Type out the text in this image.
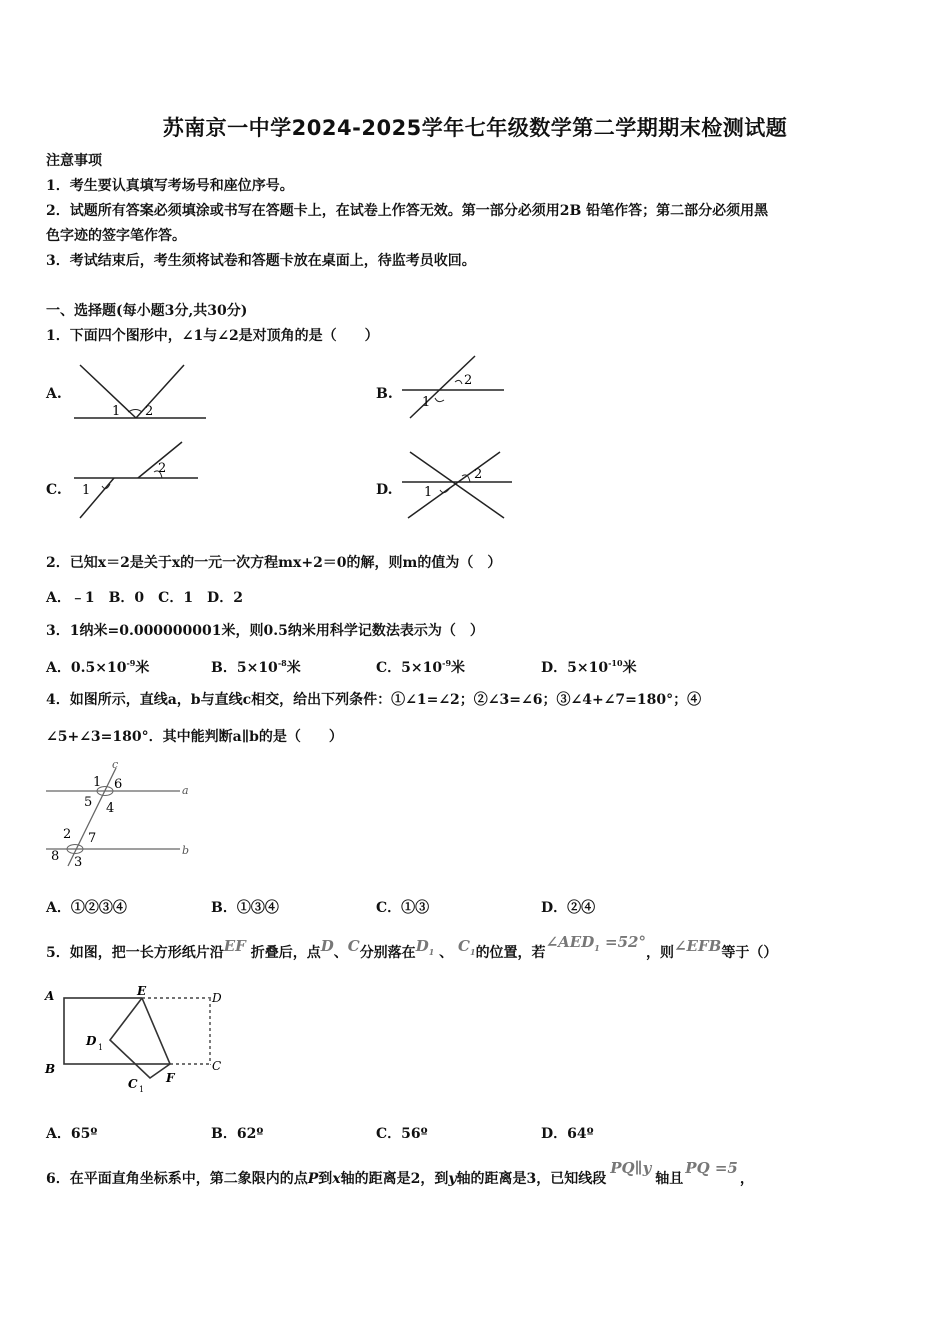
苏南京一中学2024-2025学年七年级数学第二学期期末检测试题
注意事项
1．考生要认真填写考场号和座位序号。
2．试题所有答案必须填涂或书写在答题卡上，在试卷上作答无效。第一部分必须用2B 铅笔作答；第二部分必须用黑
色字迹的签字笔作答。
3．考试结束后，考生须将试卷和答题卡放在桌面上，待监考员收回。
一、选择题(每小题3分,共30分)
1．下面四个图形中，∠1与∠2是对顶角的是（　　）
A.
1 2
B.
1
2
C. 1
2
D. 1
2
2．已知x＝2是关于x的一元一次方程mx+2＝0的解，则m的值为（　）
A．﹣1　B．0　C．1　D．2
3．1纳米=0.000000001米，则0.5纳米用科学记数法表示为（　）
A．$0.5\times 10^{-9}$米	B．$5\times 10^{-8}$米	C．$5\times 10^{-9}$米	D．$5\times 10^{-10}$米
4．如图所示，直线a，b与直线c相交，给出下列条件：①∠1=∠2；②∠3=∠6；③∠4+∠7=180°；④
∠5+∠3=180°．其中能判断a∥b的是（　　）
c
a
b
1 6
5 4
2 7
8 3
A．①②③④	B．①③④	C．①③	D．②④
5．如图，把一长方形纸片沿EF 折叠后，点D、C分别落在$D_1$ 、 $C_1$的位置，若$\angle AED_1 =52^\circ$，则∠EFB等于（）
A
B
E	D
C
F
D 1
C 1
A．65º	B．62º	C．56º	D．64º
6．在平面直角坐标系中，第二象限内的点P到x轴的距离是2，到y轴的距离是3，已知线段PQ∥y轴且PQ =5，
